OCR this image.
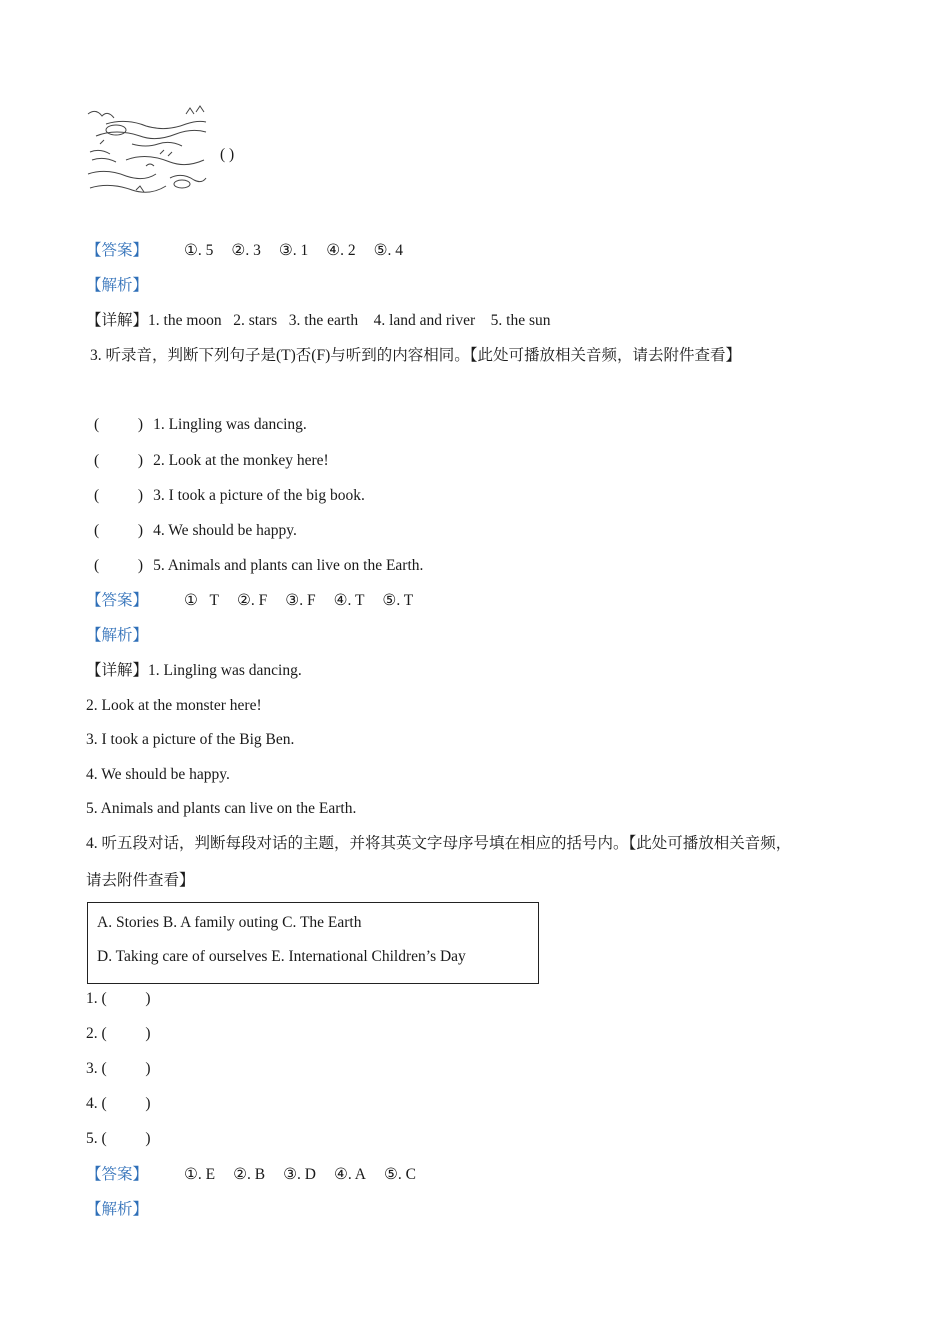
( )
【答案】 ①. 5 ②. 3 ③. 1 ④. 2 ⑤. 4
【解析】
【详解】1. the moon   2. stars   3. the earth    4. land and river    5. the sun
3. 听录音，判断下列句子是(T)否(F)与听到的内容相同。【此处可播放相关音频，请去附件查看】
(          ) 1. Lingling was dancing.
(          ) 2. Look at the monkey here!
(          ) 3. I took a picture of the big book.
(          ) 4. We should be happy.
(          ) 5. Animals and plants can live on the Earth.
【答案】 ①   T ②. F ③. F ④. T ⑤. T
【解析】
【详解】1. Lingling was dancing.
2. Look at the monster here!
3. I took a picture of the Big Ben.
4. We should be happy.
5. Animals and plants can live on the Earth.
4. 听五段对话，判断每段对话的主题，并将其英文字母序号填在相应的括号内。【此处可播放相关音频，
请去附件查看】
A. Stories B. A family outing C. The Earth
D. Taking care of ourselves E. International Children’s Day
1. (          )
2. (          )
3. (          )
4. (          )
5. (          )
【答案】 ①. E ②. B ③. D ④. A ⑤. C
【解析】
